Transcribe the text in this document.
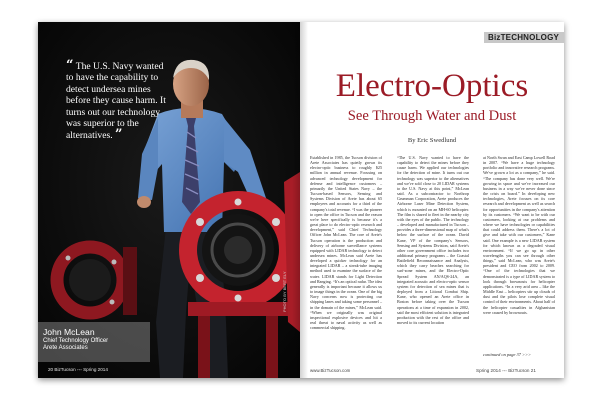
“ The U.S. Navy wanted to have the capability to detect undersea mines before they cause harm. It turns out our technology was superior to the alternatives. ”
John McLean
Chief Technology Officer
Arete Associates
PHOTO BY BERT ELY
20 BizTucson ◦◦◦ Spring 2014
BizTECHNOLOGY
Electro-Optics
See Through Water and Dust
By Eric Swedlund
Established in 1985, the Tucson division of Arete Associates has quietly grown its electro-optic business to roughly $25 million in annual revenue. Focusing on advanced technology development for defense and intelligence customers – primarily the United States Navy – the Tucson-based Sensors, Sensing and Systems Division of Arete has about 65 employees and accounts for a third of the company's total revenue. “I was the pioneer to open the office in Tucson and the reason we're here specifically is because it's a great place to do electro-optic research and development,” said Chief Technology Officer John McLean. The core of Arete's Tucson operation is the production and delivery of airborne surveillance systems equipped with LIDAR technology to detect undersea mines. McLean said Arete has developed a quicker technology for an integrated LIDAR – a streak-tube imaging method used to examine the surface of the water. LIDAR stands for Light Detection and Ranging. “It's an optical radar. The idea generally is important because it allows us to image things in the ocean. One of the big Navy concerns now is protecting our shipping lanes and taking some personnel – in the domain of the mines,” McLean said. “When we originally was original inspectional explosive devices and hit a real threat to naval activity as well as commercial shipping.
“The U.S. Navy wanted to have the capability to detect the mines before they cause harm. We applied our technologies for the detection of mine. It turns out our technology was superior to the alternatives and we've sold close to 20 LIDAR systems to the U.S. Navy at this point,” McLean said. As a subcontractor to Northrop Grumman Corporation, Arete produces the Airborne Laser Mine Detection System, which is mounted on an MH-60 helicopter. The film is shared to fleet in the nearby city with the eyes of the public. The technology – developed and manufactured in Tucson – provides a three-dimensional map of what's below the surface of the ocean. David Kane, VP of the company's Sensors, Sensing and Systems Division, said Arete's other core government office includes two additional primary programs – the Coastal Battlefield Reconnaissance and Analysis, which they carry beaches searching for surf-zone mines, and the Electro-Optic Spread System AN/AQS-24A, an integrated acoustic and electro-optic sensor system for detection of sea mines that is deployed from a Littoral Combat Ship. Kane, who opened an Arete office in Boston before taking over the Tucson operations at a time of expansion in 2002, said the most efficient solution is integrated production with the rest of the office and moved to its current location
at North Swan and East Camp Lowell Road in 2007. “We have a huge technology portfolio and innovative research programs. We've grown a lot as a company,” he said. “The company has done very well. We're growing in space and we've increased our business in a way we've never done since the crisis on board.” In developing new technologies, Arete focuses on its core research and development as well as search for opportunities in the company's attention by its customers. “We want to be with our customers, looking at our problems and where we have technologies or capabilities that could address them. There's a lot of give and take with our customers,” Kane said. One example is a new LIDAR system for which known as a degraded visual environment. “If we go up in other wavelengths you can see through other things,” said McLean, who was Arete's president and CEO from 2002 to 2009. “One of the technologies that we demonstrated is a type of LIDAR system to look through brownouts for helicopter applications. “In a very arid area – like the Middle East – helicopters stir up clouds of dust and the pilots lose complete visual control of their environments. About half of the helicopter casualties in Afghanistan were caused by brownouts.
continued on page 37 >>>
www.BizTucson.com	Spring 2014 ◦◦◦ BizTucson 21
